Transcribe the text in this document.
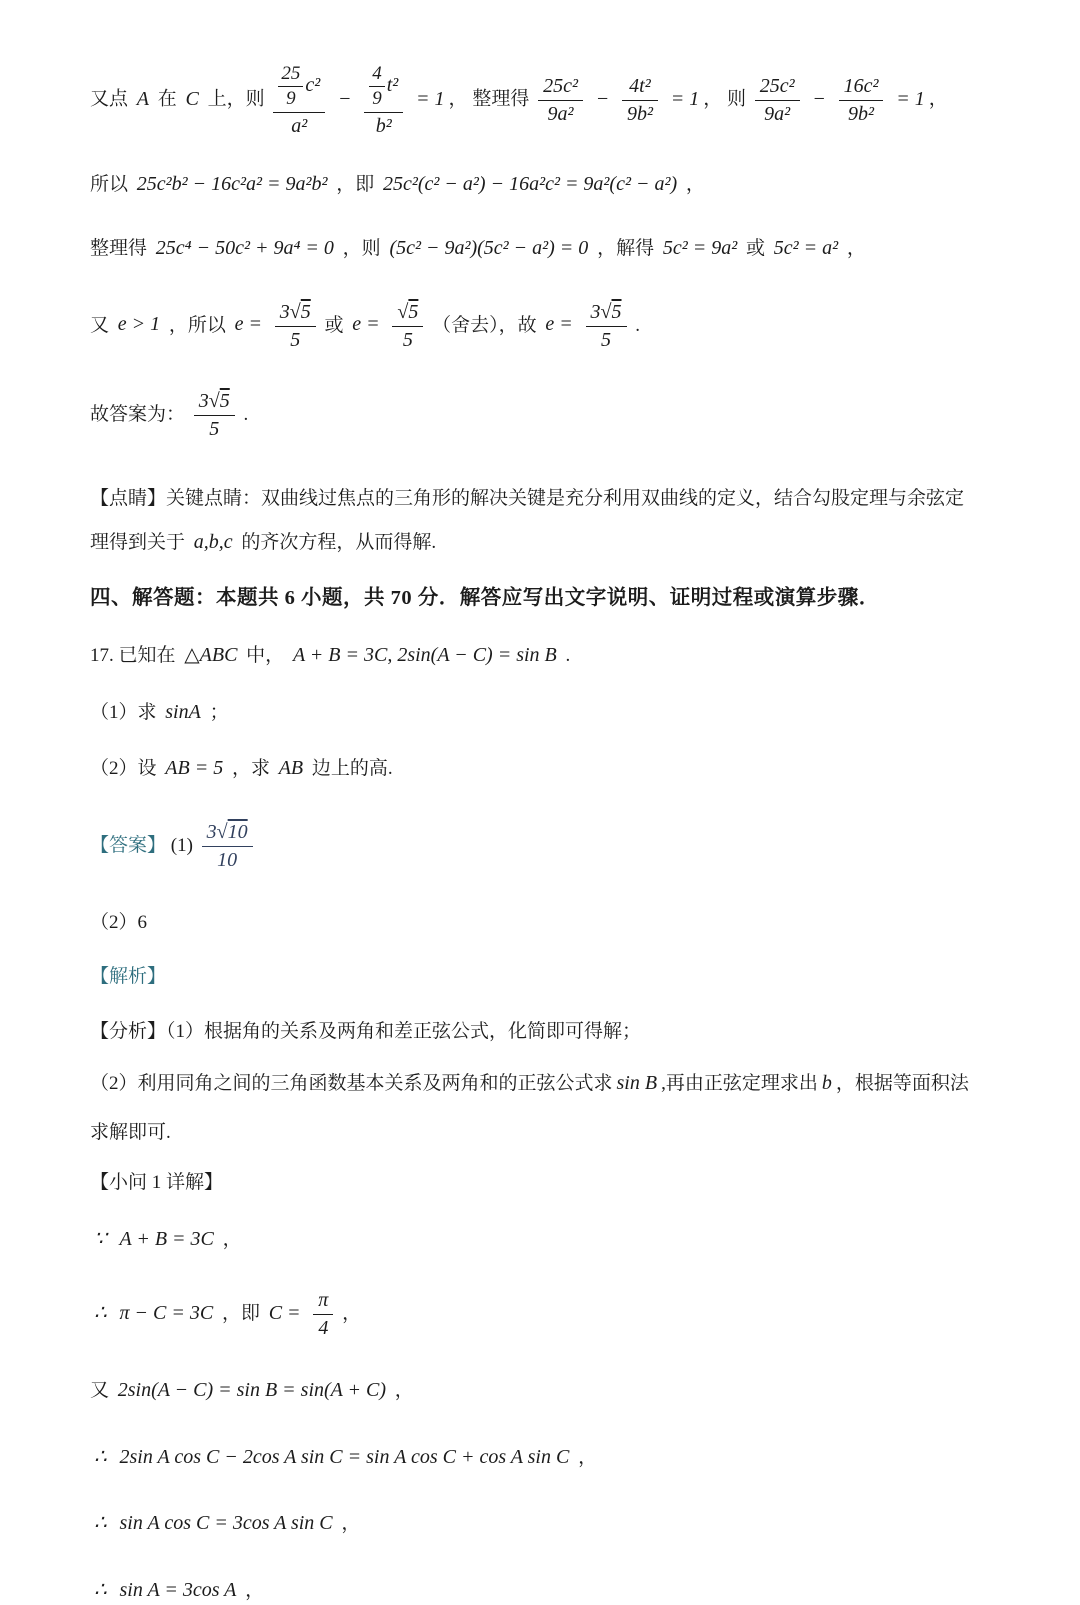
又点 A 在 C 上，则 $\frac{\frac{25}{9} c^2}{\text{a²}} - \frac{\frac{4}{9} t^2}{\text{b²}} = 1$ ， 整理得 $\frac{\text{25c²}}{\text{9a²}} - \frac{\text{4t²}}{\text{9b²}} = 1$ ， 则 $\frac{\text{25c²}}{\text{9a²}} - \frac{\text{16c²}}{\text{9b²}} = 1$ ，

所以 25c²b² − 16c²a² = 9a²b² ，即 25c²(c² − a²) − 16a²c² = 9a²(c² − a²) ，

整理得 25c⁴ − 50c² + 9a⁴ = 0 ，则 (5c² − 9a²)(5c² − a²) = 0 ，解得 5c² = 9a² 或 5c² = a² ，

又 e > 1 ，所以 $e = \frac{3√5}{5}$ 或 $e = \frac{√5}{5}$ （舍去），故 $e = \frac{3√5}{5}$ .

故答案为： $\frac{3√5}{5}$ .

【点睛】关键点睛：双曲线过焦点的三角形的解决关键是充分利用双曲线的定义，结合勾股定理与余弦定
理得到关于 a,b,c 的齐次方程，从而得解.

四、解答题：本题共 6 小题，共 70 分．解答应写出文字说明、证明过程或演算步骤．

17. 已知在 △ABC 中， A + B = 3C, 2sin(A − C) = sin B .

（1）求 sinA ；

（2）设 AB = 5 ，求 AB 边上的高.

【答案】 $(1) \frac{3√10}{10}$

（2）6

【解析】

【分析】（1）根据角的关系及两角和差正弦公式，化简即可得解；

（2）利用同角之间的三角函数基本关系及两角和的正弦公式求 sin B ,再由正弦定理求出 b ，根据等面积法

求解即可.

【小问 1 详解】

∵ A + B = 3C ，

∴ π − C = 3C ，即 $C = \frac{\pi}{4}$ ，

又 2sin(A − C) = sin B = sin(A + C) ，

∴ 2sin A cos C − 2cos A sin C = sin A cos C + cos A sin C ，

∴ sin A cos C = 3cos A sin C ，

∴ sin A = 3cos A ，
